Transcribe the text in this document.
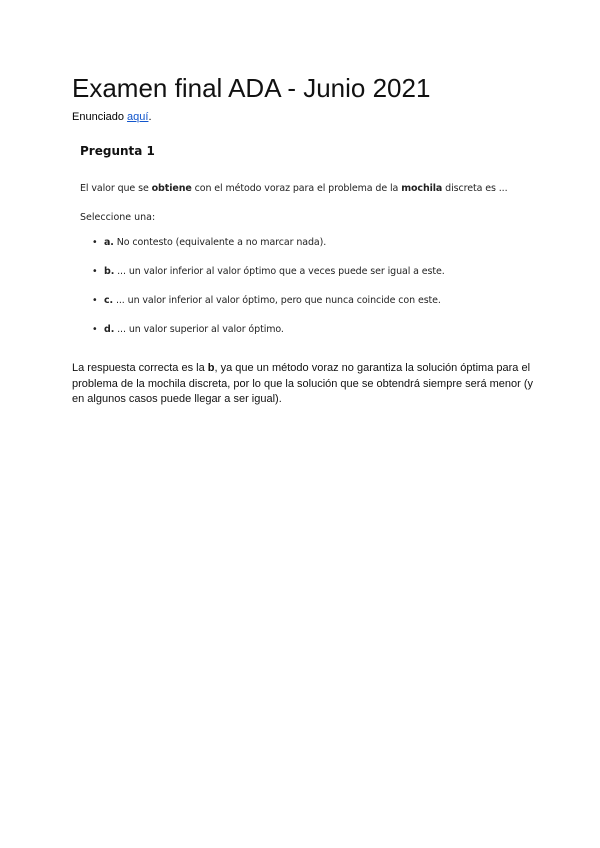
Examen final ADA - Junio 2021
Enunciado aquí.
Pregunta 1
El valor que se obtiene con el método voraz para el problema de la mochila discreta es ...
Seleccione una:
• a. No contesto (equivalente a no marcar nada).
• b. ... un valor inferior al valor óptimo que a veces puede ser igual a este.
• c. ... un valor inferior al valor óptimo, pero que nunca coincide con este.
• d. ... un valor superior al valor óptimo.

La respuesta correcta es la b, ya que un método voraz no garantiza la solución óptima para el problema de la mochila discreta, por lo que la solución que se obtendrá siempre será menor (y en algunos casos puede llegar a ser igual).
